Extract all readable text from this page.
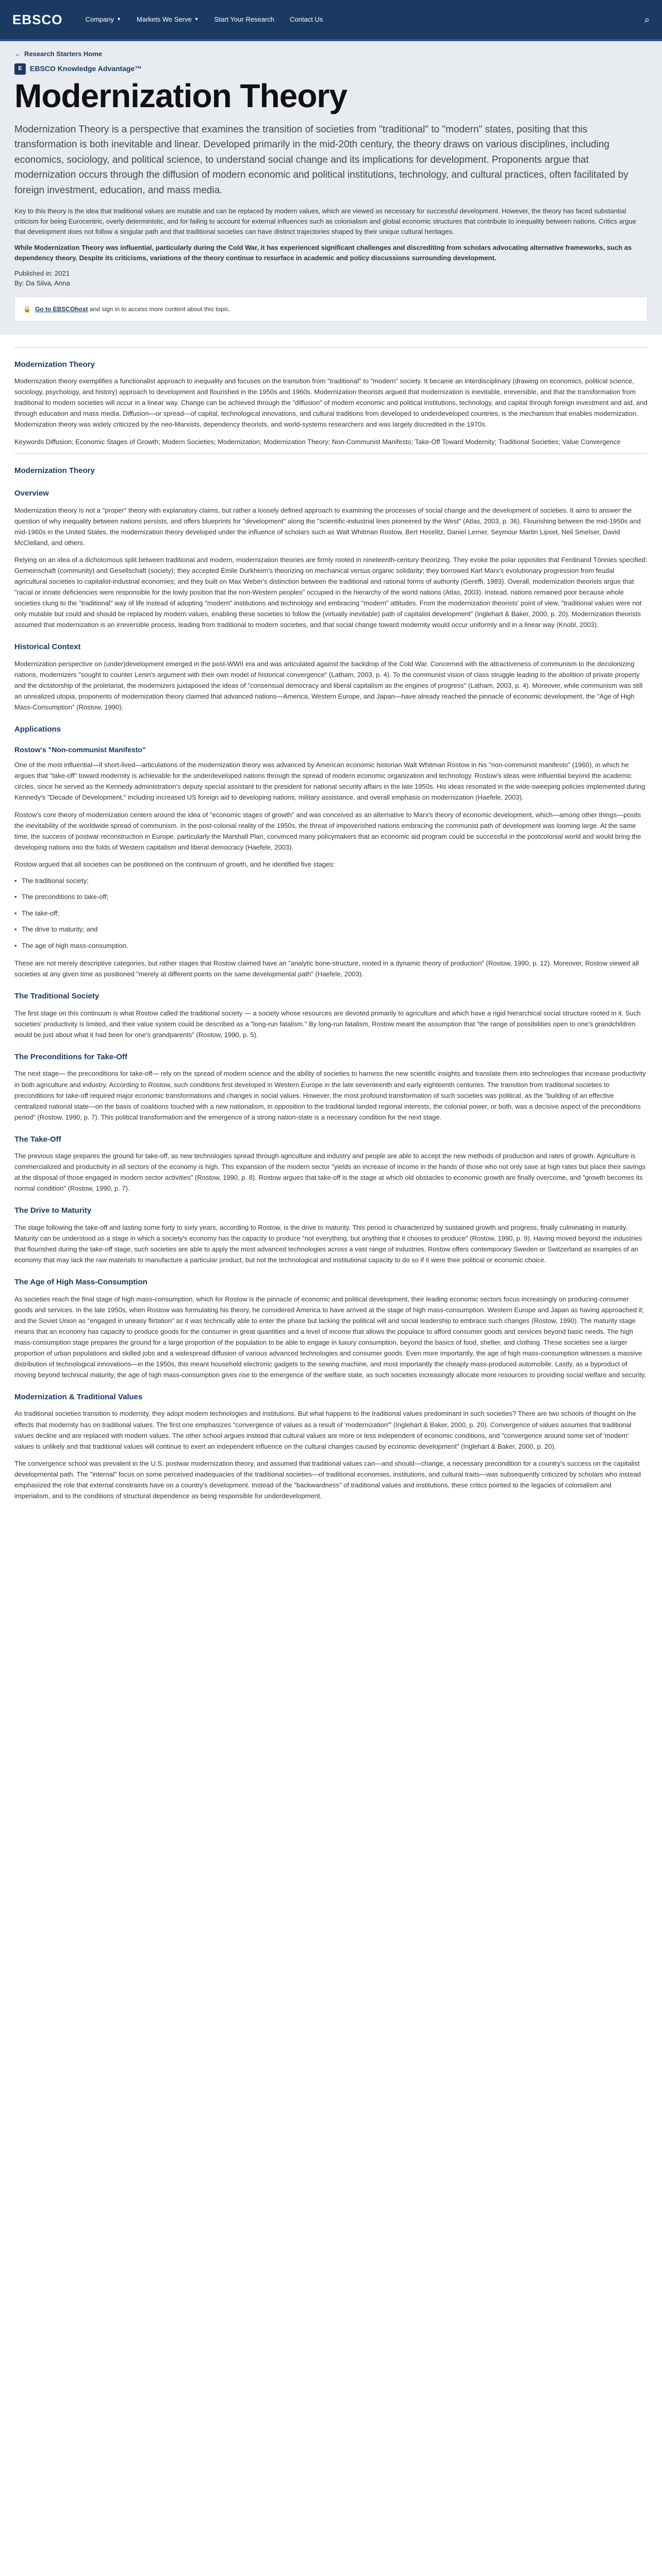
EBSCO	Company ▼ Markets We Serve ▼ Start Your Research Contact Us	⌕
← Research Starters Home
E	EBSCO Knowledge Advantage™
Modernization Theory

Modernization Theory is a perspective that examines the transition of societies from "traditional" to "modern" states, positing that this transformation is both inevitable and linear. Developed primarily in the mid-20th century, the theory draws on various disciplines, including economics, sociology, and political science, to understand social change and its implications for development. Proponents argue that modernization occurs through the diffusion of modern economic and political institutions, technology, and cultural practices, often facilitated by foreign investment, education, and mass media.

Key to this theory is the idea that traditional values are mutable and can be replaced by modern values, which are viewed as necessary for successful development. However, the theory has faced substantial criticism for being Eurocentric, overly deterministic, and for failing to account for external influences such as colonialism and global economic structures that contribute to inequality between nations. Critics argue that development does not follow a singular path and that traditional societies can have distinct trajectories shaped by their unique cultural heritages.

While Modernization Theory was influential, particularly during the Cold War, it has experienced significant challenges and discrediting from scholars advocating alternative frameworks, such as dependency theory. Despite its criticisms, variations of the theory continue to resurface in academic and policy discussions surrounding development.

Published in: 2021
By: Da Silva, Anna
🔒 Go to EBSCOhost and sign in to access more content about this topic.
Modernization Theory

Modernization theory exemplifies a functionalist approach to inequality and focuses on the transition from "traditional" to "modern" society. It became an interdisciplinary (drawing on economics, political science, sociology, psychology, and history) approach to development and flourished in the 1950s and 1960s. Modernization theorists argued that modernization is inevitable, irreversible, and that the transformation from traditional to modern societies will occur in a linear way. Change can be achieved through the "diffusion" of modern economic and political institutions, technology, and capital through foreign investment and aid, and through education and mass media. Diffusion—or spread—of capital, technological innovations, and cultural traditions from developed to underdeveloped countries, is the mechanism that enables modernization. Modernization theory was widely criticized by the neo-Marxists, dependency theorists, and world-systems researchers and was largely discredited in the 1970s.

Keywords Diffusion; Economic Stages of Growth; Modern Societies; Modernization; Modernization Theory; Non-Communist Manifesto; Take-Off Toward Modernity; Traditional Societies; Value Convergence

Modernization Theory
Overview

Modernization theory is not a "proper" theory with explanatory claims, but rather a loosely defined approach to examining the processes of social change and the development of societies. It aims to answer the question of why inequality between nations persists, and offers blueprints for "development" along the "scientific-industrial lines pioneered by the West" (Atlas, 2003, p. 36). Flourishing between the mid-1950s and mid-1960s in the United States, the modernization theory developed under the influence of scholars such as Walt Whitman Rostow, Bert Hoselitz, Daniel Lerner, Seymour Martin Lipset, Neil Smelser, David McClelland, and others.

Relying on an idea of a dichotomous split between traditional and modern, modernization theories are firmly rooted in nineteenth-century theorizing. They evoke the polar opposites that Ferdinand Tönnies specified: Gemeinschaft (community) and Gesellschaft (society); they accepted Émile Durkheim's theorizing on mechanical versus organic solidarity; they borrowed Karl Marx's evolutionary progression from feudal agricultural societies to capitalist-industrial economies; and they built on Max Weber's distinction between the traditional and rational forms of authority (Gereffi, 1983). Overall, modernization theorists argue that "racial or innate deficiencies were responsible for the lowly position that the non-Western peoples" occupied in the hierarchy of the world nations (Atlas, 2003). Instead, nations remained poor because whole societies clung to the "traditional" way of life instead of adopting "modern" institutions and technology and embracing "modern" attitudes. From the modernization theorists' point of view, "traditional values were not only mutable but could and should be replaced by modern values, enabling these societies to follow the (virtually inevitable) path of capitalist development" (Inglehart & Baker, 2000, p. 20). Modernization theorists assumed that modernization is an irreversible process, leading from traditional to modern societies, and that social change toward modernity would occur uniformly and in a linear way (Knobl, 2003).

Historical Context

Modernization perspective on (under)development emerged in the post-WWII era and was articulated against the backdrop of the Cold War. Concerned with the attractiveness of communism to the decolonizing nations, modernizers "sought to counter Lenin's argument with their own model of historical convergence" (Latham, 2003, p. 4). To the communist vision of class struggle leading to the abolition of private property and the dictatorship of the proletariat, the modernizers juxtaposed the ideas of "consensual democracy and liberal capitalism as the engines of progress" (Latham, 2003, p. 4). Moreover, while communism was still an unrealized utopia, proponents of modernization theory claimed that advanced nations—America, Western Europe, and Japan—have already reached the pinnacle of economic development, the "Age of High Mass-Consumption" (Rostow, 1990).

Applications
Rostow's "Non-communist Manifesto"

One of the most influential—if short-lived—articulations of the modernization theory was advanced by American economic historian Walt Whitman Rostow in his "non-communist manifesto" (1960), in which he argues that "take-off" toward modernity is achievable for the underdeveloped nations through the spread of modern economic organization and technology. Rostow's ideas were influential beyond the academic circles, since he served as the Kennedy administration's deputy special assistant to the president for national security affairs in the late 1950s. His ideas resonated in the wide-sweeping policies implemented during Kennedy's "Decade of Development," including increased US foreign aid to developing nations, military assistance, and overall emphasis on modernization (Haefele, 2003).

Rostow's core theory of modernization centers around the idea of "economic stages of growth" and was conceived as an alternative to Marx's theory of economic development, which—among other things—posits the inevitability of the worldwide spread of communism. In the post-colonial reality of the 1950s, the threat of impoverished nations embracing the communist path of development was looming large. At the same time, the success of postwar reconstruction in Europe, particularly the Marshall Plan, convinced many policymakers that an economic aid program could be successful in the postcolonial world and would bring the developing nations into the folds of Western capitalism and liberal democracy (Haefele, 2003).

Rostow argued that all societies can be positioned on the continuum of growth, and he identified five stages:

• The traditional society;
• The preconditions to take-off;
• The take-off;
• The drive to maturity; and
• The age of high mass-consumption.

These are not merely descriptive categories, but rather stages that Rostow claimed have an "analytic bone-structure, rooted in a dynamic theory of production" (Rostow, 1990, p. 12). Moreover, Rostow viewed all societies at any given time as positioned "merely at different points on the same developmental path" (Haefele, 2003).

The Traditional Society

The first stage on this continuum is what Rostow called the traditional society — a society whose resources are devoted primarily to agriculture and which have a rigid hierarchical social structure rooted in it. Such societies' productivity is limited, and their value system could be described as a "long-run fatalism." By long-run fatalism, Rostow meant the assumption that "the range of possibilities open to one's grandchildren would be just about what it had been for one's grandparents" (Rostow, 1990, p. 5).

The Preconditions for Take-Off

The next stage— the preconditions for take-off— rely on the spread of modern science and the ability of societies to harness the new scientific insights and translate them into technologies that increase productivity in both agriculture and industry. According to Rostow, such conditions first developed in Western Europe in the late seventeenth and early eighteenth centuries. The transition from traditional societies to preconditions for take-off required major economic transformations and changes in social values. However, the most profound transformation of such societies was political, as the "building of an effective centralized national state—on the basis of coalitions touched with a new nationalism, in opposition to the traditional landed regional interests, the colonial power, or both, was a decisive aspect of the preconditions period" (Rostow, 1990, p. 7). This political transformation and the emergence of a strong nation-state is a necessary condition for the next stage.

The Take-Off

The previous stage prepares the ground for take-off, as new technologies spread through agriculture and industry and people are able to accept the new methods of production and rates of growth. Agriculture is commercialized and productivity in all sectors of the economy is high. This expansion of the modern sector "yields an increase of income in the hands of those who not only save at high rates but place their savings at the disposal of those engaged in modern sector activities" (Rostow, 1990, p. 8). Rostow argues that take-off is the stage at which old obstacles to economic growth are finally overcome, and "growth becomes its normal condition" (Rostow, 1990, p. 7).

The Drive to Maturity

The stage following the take-off and lasting some forty to sixty years, according to Rostow, is the drive to maturity. This period is characterized by sustained growth and progress, finally culminating in maturity. Maturity can be understood as a stage in which a society's economy has the capacity to produce "not everything, but anything that it chooses to produce" (Rostow, 1990, p. 9). Having moved beyond the industries that flourished during the take-off stage, such societies are able to apply the most advanced technologies across a vast range of industries. Rostow offers contemporary Sweden or Switzerland as examples of an economy that may lack the raw materials to manufacture a particular product, but not the technological and institutional capacity to do so if it were their political or economic choice.

The Age of High Mass-Consumption

As societies reach the final stage of high mass-consumption, which for Rostow is the pinnacle of economic and political development, their leading economic sectors focus increasingly on producing consumer goods and services. In the late 1950s, when Rostow was formulating his theory, he considered America to have arrived at the stage of high mass-consumption. Western Europe and Japan as having approached it; and the Soviet Union as "engaged in uneasy flirtation" as it was technically able to enter the phase but lacking the political will and social leadership to embrace such changes (Rostow, 1990). The maturity stage means that an economy has capacity to produce goods for the consumer in great quantities and a level of income that allows the populace to afford consumer goods and services beyond basic needs. The high mass-consumption stage prepares the ground for a large proportion of the population to be able to engage in luxury consumption, beyond the basics of food, shelter, and clothing. These societies see a larger proportion of urban populations and skilled jobs and a widespread diffusion of various advanced technologies and consumer goods. Even more importantly, the age of high mass-consumption witnesses a massive distribution of technological innovations—in the 1950s, this meant household electronic gadgets to the sewing machine, and most importantly the cheaply mass-produced automobile. Lastly, as a byproduct of moving beyond technical maturity, the age of high mass-consumption gives rise to the emergence of the welfare state, as such societies increasingly allocate more resources to providing social welfare and security.

Modernization & Traditional Values

As traditional societies transition to modernity, they adopt modern technologies and institutions. But what happens to the traditional values predominant in such societies? There are two schools of thought on the effects that modernity has on traditional values. The first one emphasizes "convergence of values as a result of 'modernization'" (Inglehart & Baker, 2000, p. 20). Convergence of values assumes that traditional values decline and are replaced with modern values. The other school argues instead that cultural values are more or less independent of economic conditions, and "convergence around some set of 'modern' values is unlikely and that traditional values will continue to exert an independent influence on the cultural changes caused by economic development" (Inglehart & Baker, 2000, p. 20).

The convergence school was prevalent in the U.S. postwar modernization theory, and assumed that traditional values can—and should—change, a necessary precondition for a country's success on the capitalist developmental path. The "internal" focus on some perceived inadequacies of the traditional societies—of traditional economies, institutions, and cultural traits—was subsequently criticized by scholars who instead emphasized the role that external constraints have on a country's development. Instead of the "backwardness" of traditional values and institutions, these critics pointed to the legacies of colonialism and imperialism, and to the conditions of structural dependence as being responsible for underdevelopment.
